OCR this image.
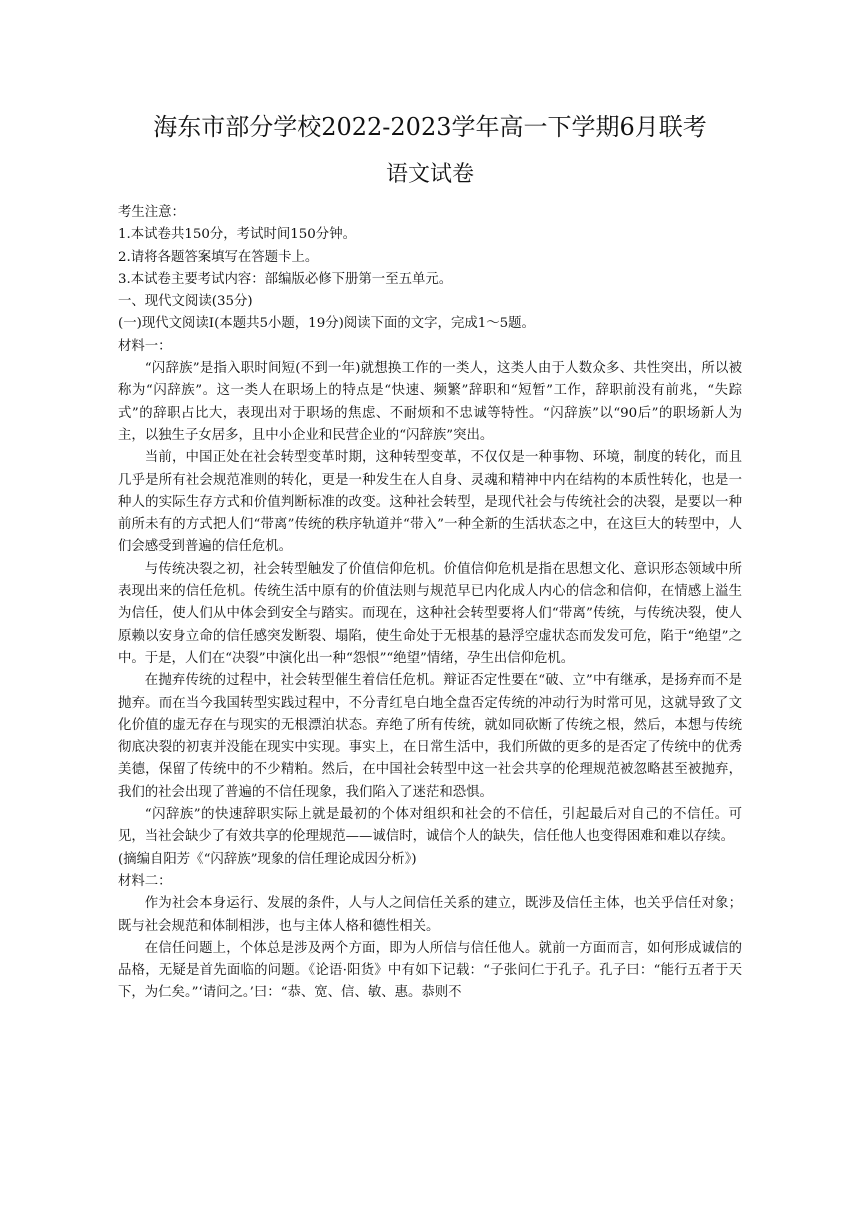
海东市部分学校2022-2023学年高一下学期6月联考
语文试卷

考生注意：

1.本试卷共150分，考试时间150分钟。

2.请将各题答案填写在答题卡上。

3.本试卷主要考试内容：部编版必修下册第一至五单元。

一、现代文阅读(35分)

(一)现代文阅读I(本题共5小题，19分)阅读下面的文字，完成1～5题。

材料一：

“闪辞族”是指入职时间短(不到一年)就想换工作的一类人，这类人由于人数众多、共性突出，所以被称为“闪辞族”。这一类人在职场上的特点是“快速、频繁”辞职和“短暂”工作，辞职前没有前兆，“失踪式”的辞职占比大，表现出对于职场的焦虑、不耐烦和不忠诚等特性。“闪辞族”以“90后”的职场新人为主，以独生子女居多，且中小企业和民营企业的“闪辞族”突出。

当前，中国正处在社会转型变革时期，这种转型变革，不仅仅是一种事物、环境，制度的转化，而且几乎是所有社会规范准则的转化，更是一种发生在人自身、灵魂和精神中内在结构的本质性转化，也是一种人的实际生存方式和价值判断标准的改变。这种社会转型，是现代社会与传统社会的决裂，是要以一种前所未有的方式把人们“带离”传统的秩序轨道并“带入”一种全新的生活状态之中，在这巨大的转型中，人们会感受到普遍的信任危机。

与传统决裂之初，社会转型触发了价值信仰危机。价值信仰危机是指在思想文化、意识形态领域中所表现出来的信任危机。传统生活中原有的价值法则与规范早已内化成人内心的信念和信仰，在情感上溢生为信任，使人们从中体会到安全与踏实。而现在，这种社会转型要将人们“带离”传统，与传统决裂，使人原赖以安身立命的信任感突发断裂、塌陷，使生命处于无根基的悬浮空虚状态而发发可危，陷于“绝望”之中。于是，人们在“决裂”中演化出一种“怨恨”“绝望”情绪，孕生出信仰危机。

在抛弃传统的过程中，社会转型催生着信任危机。辩证否定性要在“破、立”中有继承，是扬弃而不是抛弃。而在当今我国转型实践过程中，不分青红皂白地全盘否定传统的冲动行为时常可见，这就导致了文化价值的虚无存在与现实的无根漂泊状态。弃绝了所有传统，就如同砍断了传统之根，然后，本想与传统彻底决裂的初衷并没能在现实中实现。事实上，在日常生活中，我们所做的更多的是否定了传统中的优秀美德，保留了传统中的不少精粕。然后，在中国社会转型中这一社会共享的伦理规范被忽略甚至被抛弃，我们的社会出现了普遍的不信任现象，我们陷入了迷茫和恐惧。

“闪辞族”的快速辞职实际上就是最初的个体对组织和社会的不信任，引起最后对自己的不信任。可见，当社会缺少了有效共享的伦理规范——诚信时，诚信个人的缺失，信任他人也变得困难和难以存续。

(摘编自阳芳《“闪辞族”现象的信任理论成因分析》)

材料二：

作为社会本身运行、发展的条件，人与人之间信任关系的建立，既涉及信任主体，也关乎信任对象；既与社会规范和体制相涉，也与主体人格和德性相关。

在信任问题上，个体总是涉及两个方面，即为人所信与信任他人。就前一方面而言，如何形成诚信的品格，无疑是首先面临的问题。《论语·阳货》中有如下记载：“子张问仁于孔子。孔子曰：“能行五者于天下，为仁矣。”‘请问之。’曰：“恭、宽、信、敏、惠。恭则不
